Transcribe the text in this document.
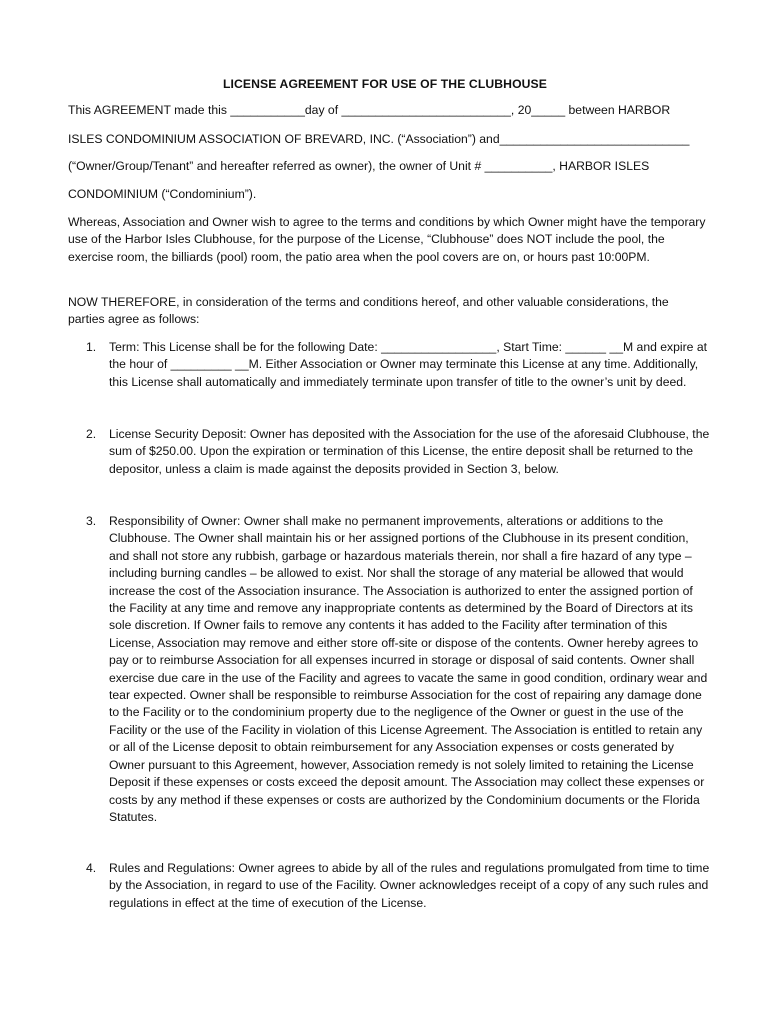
LICENSE AGREEMENT FOR USE OF THE CLUBHOUSE
This AGREEMENT made this ___________day of _________________________, 20_____ between HARBOR
ISLES CONDOMINIUM ASSOCIATION OF BREVARD, INC. (“Association”) and____________________________
(“Owner/Group/Tenant” and hereafter referred as owner), the owner of Unit # __________, HARBOR ISLES
CONDOMINIUM (“Condominium”).
Whereas, Association and Owner wish to agree to the terms and conditions by which Owner might have the temporary use of the Harbor Isles Clubhouse, for the purpose of the License, “Clubhouse” does NOT include the pool, the exercise room, the billiards (pool) room, the patio area when the pool covers are on, or hours past 10:00PM.
NOW THEREFORE, in consideration of the terms and conditions hereof, and other valuable considerations, the parties agree as follows:
1. Term: This License shall be for the following Date: _________________, Start Time: ______ __M and expire at the hour of _________ __M. Either Association or Owner may terminate this License at any time. Additionally, this License shall automatically and immediately terminate upon transfer of title to the owner’s unit by deed.
2. License Security Deposit: Owner has deposited with the Association for the use of the aforesaid Clubhouse, the sum of $250.00. Upon the expiration or termination of this License, the entire deposit shall be returned to the depositor, unless a claim is made against the deposits provided in Section 3, below.
3. Responsibility of Owner: Owner shall make no permanent improvements, alterations or additions to the Clubhouse. The Owner shall maintain his or her assigned portions of the Clubhouse in its present condition, and shall not store any rubbish, garbage or hazardous materials therein, nor shall a fire hazard of any type – including burning candles – be allowed to exist. Nor shall the storage of any material be allowed that would increase the cost of the Association insurance. The Association is authorized to enter the assigned portion of the Facility at any time and remove any inappropriate contents as determined by the Board of Directors at its sole discretion. If Owner fails to remove any contents it has added to the Facility after termination of this License, Association may remove and either store off-site or dispose of the contents. Owner hereby agrees to pay or to reimburse Association for all expenses incurred in storage or disposal of said contents. Owner shall exercise due care in the use of the Facility and agrees to vacate the same in good condition, ordinary wear and tear expected. Owner shall be responsible to reimburse Association for the cost of repairing any damage done to the Facility or to the condominium property due to the negligence of the Owner or guest in the use of the Facility or the use of the Facility in violation of this License Agreement. The Association is entitled to retain any or all of the License deposit to obtain reimbursement for any Association expenses or costs generated by Owner pursuant to this Agreement, however, Association remedy is not solely limited to retaining the License Deposit if these expenses or costs exceed the deposit amount. The Association may collect these expenses or costs by any method if these expenses or costs are authorized by the Condominium documents or the Florida Statutes.
4. Rules and Regulations: Owner agrees to abide by all of the rules and regulations promulgated from time to time by the Association, in regard to use of the Facility. Owner acknowledges receipt of a copy of any such rules and regulations in effect at the time of execution of the License.
